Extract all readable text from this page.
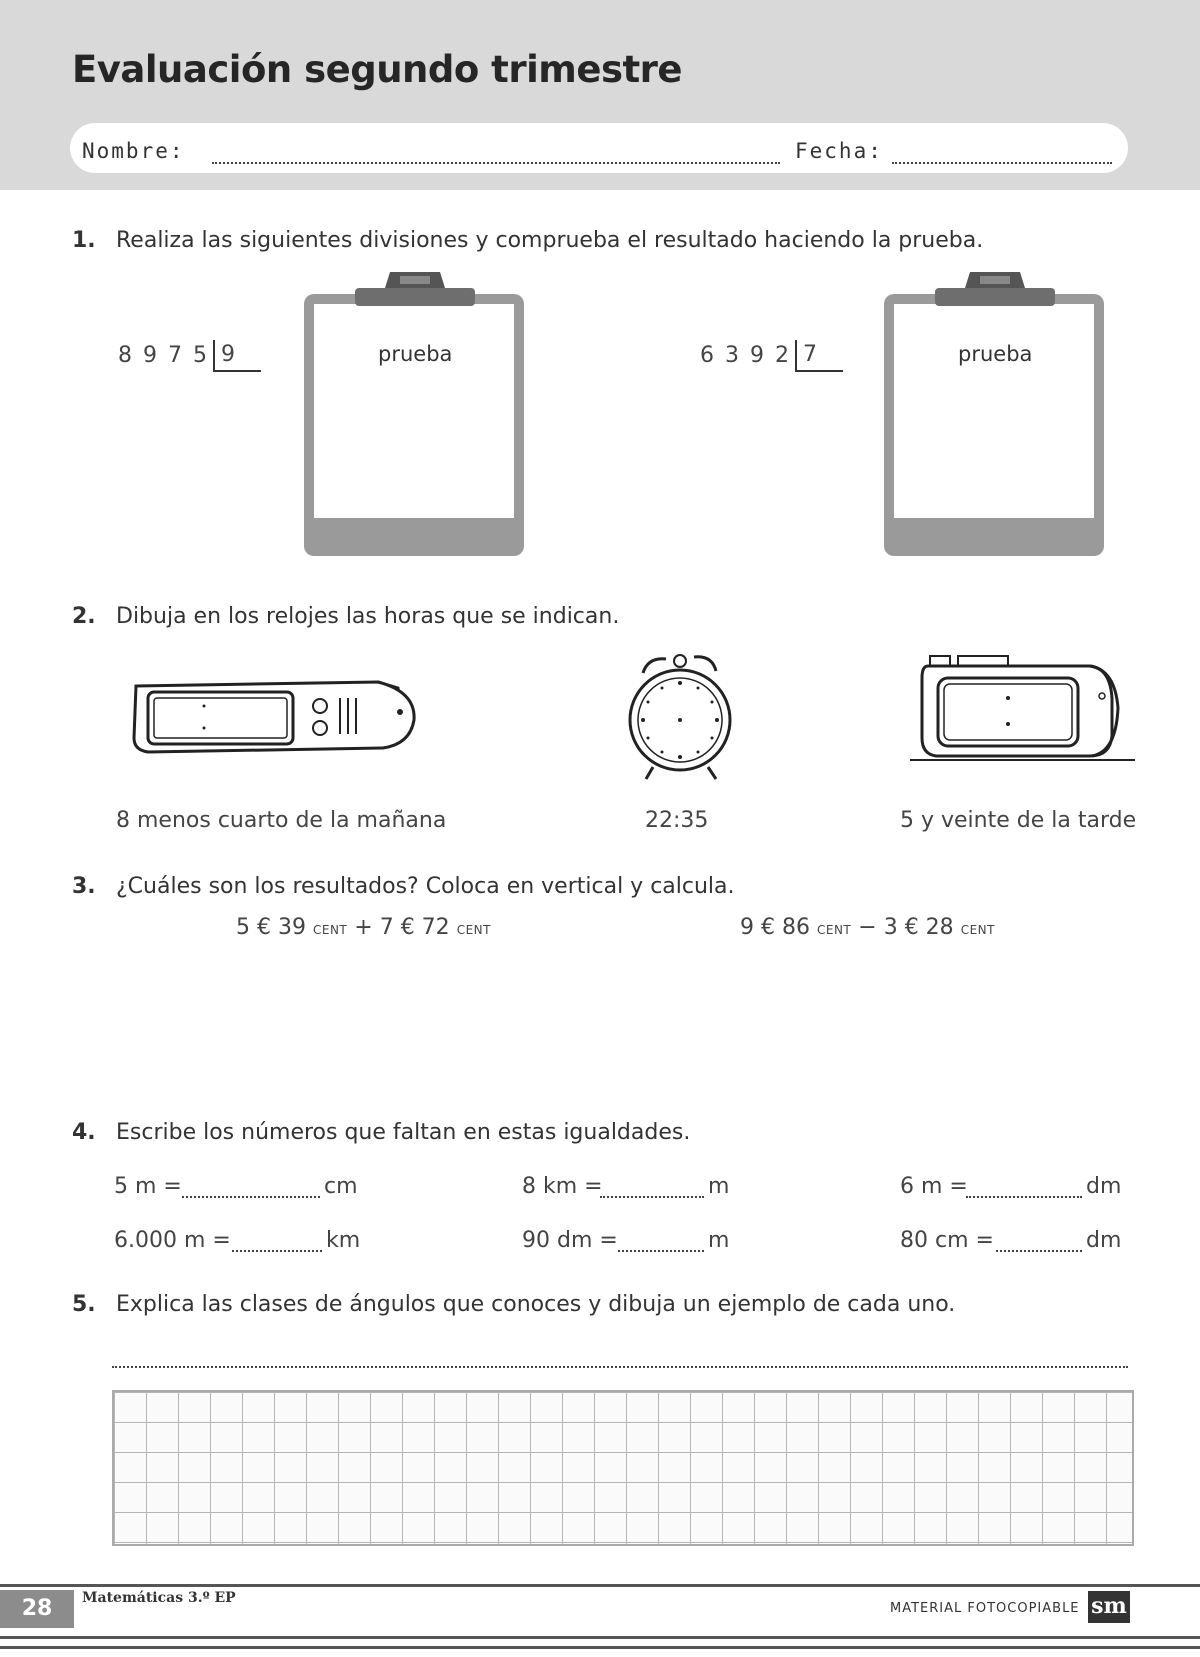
Evaluación segundo trimestre
Nombre:	Fecha:
1. Realiza las siguientes divisiones y comprueba el resultado haciendo la prueba.
8 9 7 5 9	6 3 9 2 7
prueba	prueba
2. Dibuja en los relojes las horas que se indican.
8 menos cuarto de la mañana	22:35	5 y veinte de la tarde
3. ¿Cuáles son los resultados? Coloca en vertical y calcula.
5 € 39 cent + 7 € 72 cent	9 € 86 cent − 3 € 28 cent
4. Escribe los números que faltan en estas igualdades.
5 m =	cm	8 km =	m	6 m =	dm
6.000 m =	km	90 dm =	m	80 cm =	dm
5. Explica las clases de ángulos que conoces y dibuja un ejemplo de cada uno.
28	Matemáticas 3.º EP
MATERIAL FOTOCOPIABLE sm
